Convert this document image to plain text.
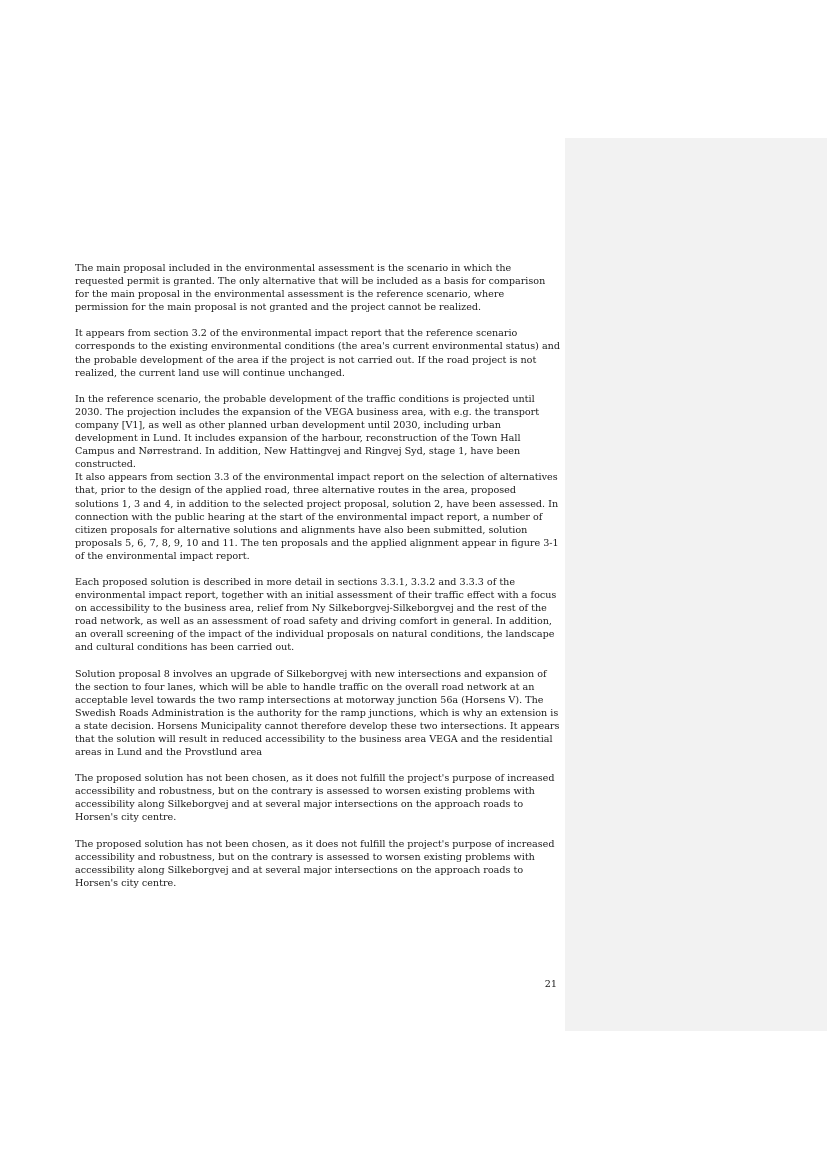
The main proposal included in the environmental assessment is the scenario in which the requested permit is granted. The only alternative that will be included as a basis for comparison for the main proposal in the environmental assessment is the reference scenario, where permission for the main proposal is not granted and the project cannot be realized.

It appears from section 3.2 of the environmental impact report that the reference scenario corresponds to the existing environmental conditions (the area's current environmental status) and the probable development of the area if the project is not carried out. If the road project is not realized, the current land use will continue unchanged.

In the reference scenario, the probable development of the traffic conditions is projected until 2030. The projection includes the expansion of the VEGA business area, with e.g. the transport company [V1], as well as other planned urban development until 2030, including urban development in Lund. It includes expansion of the harbour, reconstruction of the Town Hall Campus and Nørrestrand. In addition, New Hattingvej and Ringvej Syd, stage 1, have been constructed.

It also appears from section 3.3 of the environmental impact report on the selection of alternatives that, prior to the design of the applied road, three alternative routes in the area, proposed solutions 1, 3 and 4, in addition to the selected project proposal, solution 2, have been assessed. In connection with the public hearing at the start of the environmental impact report, a number of citizen proposals for alternative solutions and alignments have also been submitted, solution proposals 5, 6, 7, 8, 9, 10 and 11. The ten proposals and the applied alignment appear in figure 3-1 of the environmental impact report.

Each proposed solution is described in more detail in sections 3.3.1, 3.3.2 and 3.3.3 of the environmental impact report, together with an initial assessment of their traffic effect with a focus on accessibility to the business area, relief from Ny Silkeborgvej-Silkeborgvej and the rest of the road network, as well as an assessment of road safety and driving comfort in general. In addition, an overall screening of the impact of the individual proposals on natural conditions, the landscape and cultural conditions has been carried out.

Solution proposal 8 involves an upgrade of Silkeborgvej with new intersections and expansion of the section to four lanes, which will be able to handle traffic on the overall road network at an acceptable level towards the two ramp intersections at motorway junction 56a (Horsens V). The Swedish Roads Administration is the authority for the ramp junctions, which is why an extension is a state decision. Horsens Municipality cannot therefore develop these two intersections. It appears that the solution will result in reduced accessibility to the business area VEGA and the residential areas in Lund and the Provstlund area

The proposed solution has not been chosen, as it does not fulfill the project's purpose of increased accessibility and robustness, but on the contrary is assessed to worsen existing problems with accessibility along Silkeborgvej and at several major intersections on the approach roads to Horsen's city centre.

The proposed solution has not been chosen, as it does not fulfill the project's purpose of increased accessibility and robustness, but on the contrary is assessed to worsen existing problems with accessibility along Silkeborgvej and at several major intersections on the approach roads to Horsen's city centre.

21
